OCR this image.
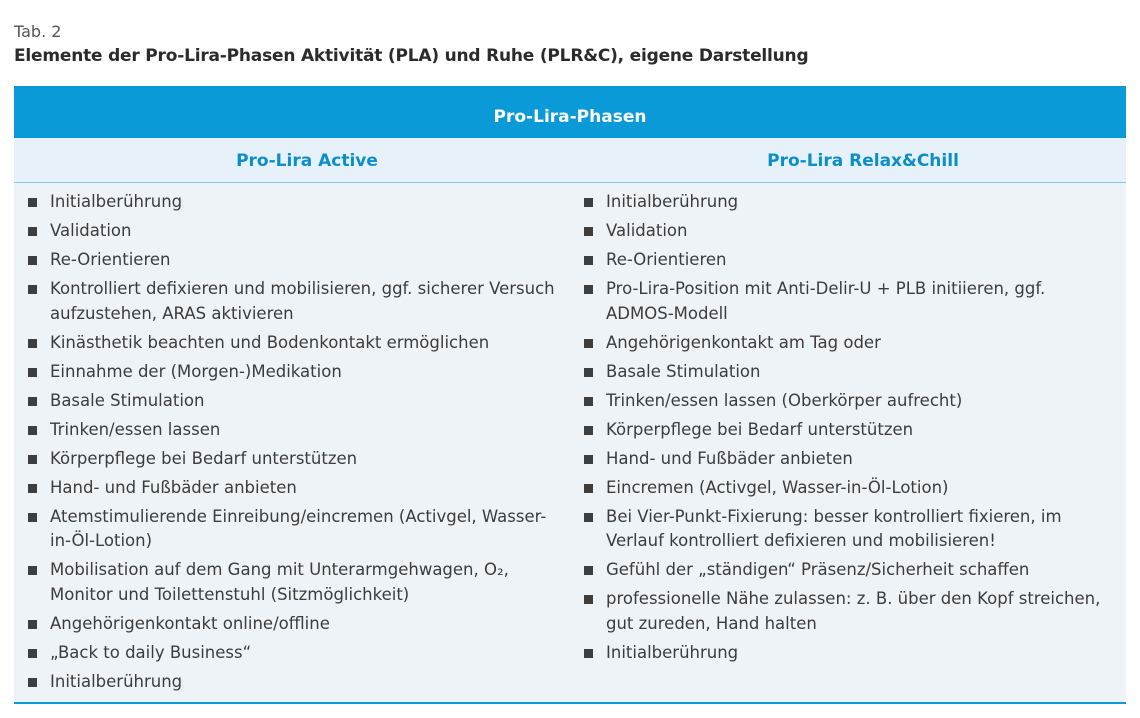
Tab. 2
Elemente der Pro-Lira-Phasen Aktivität (PLA) und Ruhe (PLR&C), eigene Darstellung
Pro-Lira-Phasen
Pro-Lira Active	Pro-Lira Relax&Chill
Initialberührung
Validation
Re-Orientieren
Kontrolliert defixieren und mobilisieren, ggf. sicherer Versuch aufzustehen, ARAS aktivieren
Kinästhetik beachten und Bodenkontakt ermöglichen
Einnahme der (Morgen-)Medikation
Basale Stimulation
Trinken/essen lassen
Körperpflege bei Bedarf unterstützen
Hand- und Fußbäder anbieten
Atemstimulierende Einreibung/eincremen (Activgel, Wasser-in-Öl-Lotion)
Mobilisation auf dem Gang mit Unterarmgehwagen, O₂, Monitor und Toilettenstuhl (Sitzmöglichkeit)
Angehörigenkontakt online/offline
„Back to daily Business“
Initialberührung
Initialberührung
Validation
Re-Orientieren
Pro-Lira-Position mit Anti-Delir-U + PLB initiieren, ggf. ADMOS-Modell
Angehörigenkontakt am Tag oder
Basale Stimulation
Trinken/essen lassen (Oberkörper aufrecht)
Körperpflege bei Bedarf unterstützen
Hand- und Fußbäder anbieten
Eincremen (Activgel, Wasser-in-Öl-Lotion)
Bei Vier-Punkt-Fixierung: besser kontrolliert fixieren, im Verlauf kontrolliert defixieren und mobilisieren!
Gefühl der „ständigen“ Präsenz/Sicherheit schaffen
professionelle Nähe zulassen: z. B. über den Kopf streichen, gut zureden, Hand halten
Initialberührung
